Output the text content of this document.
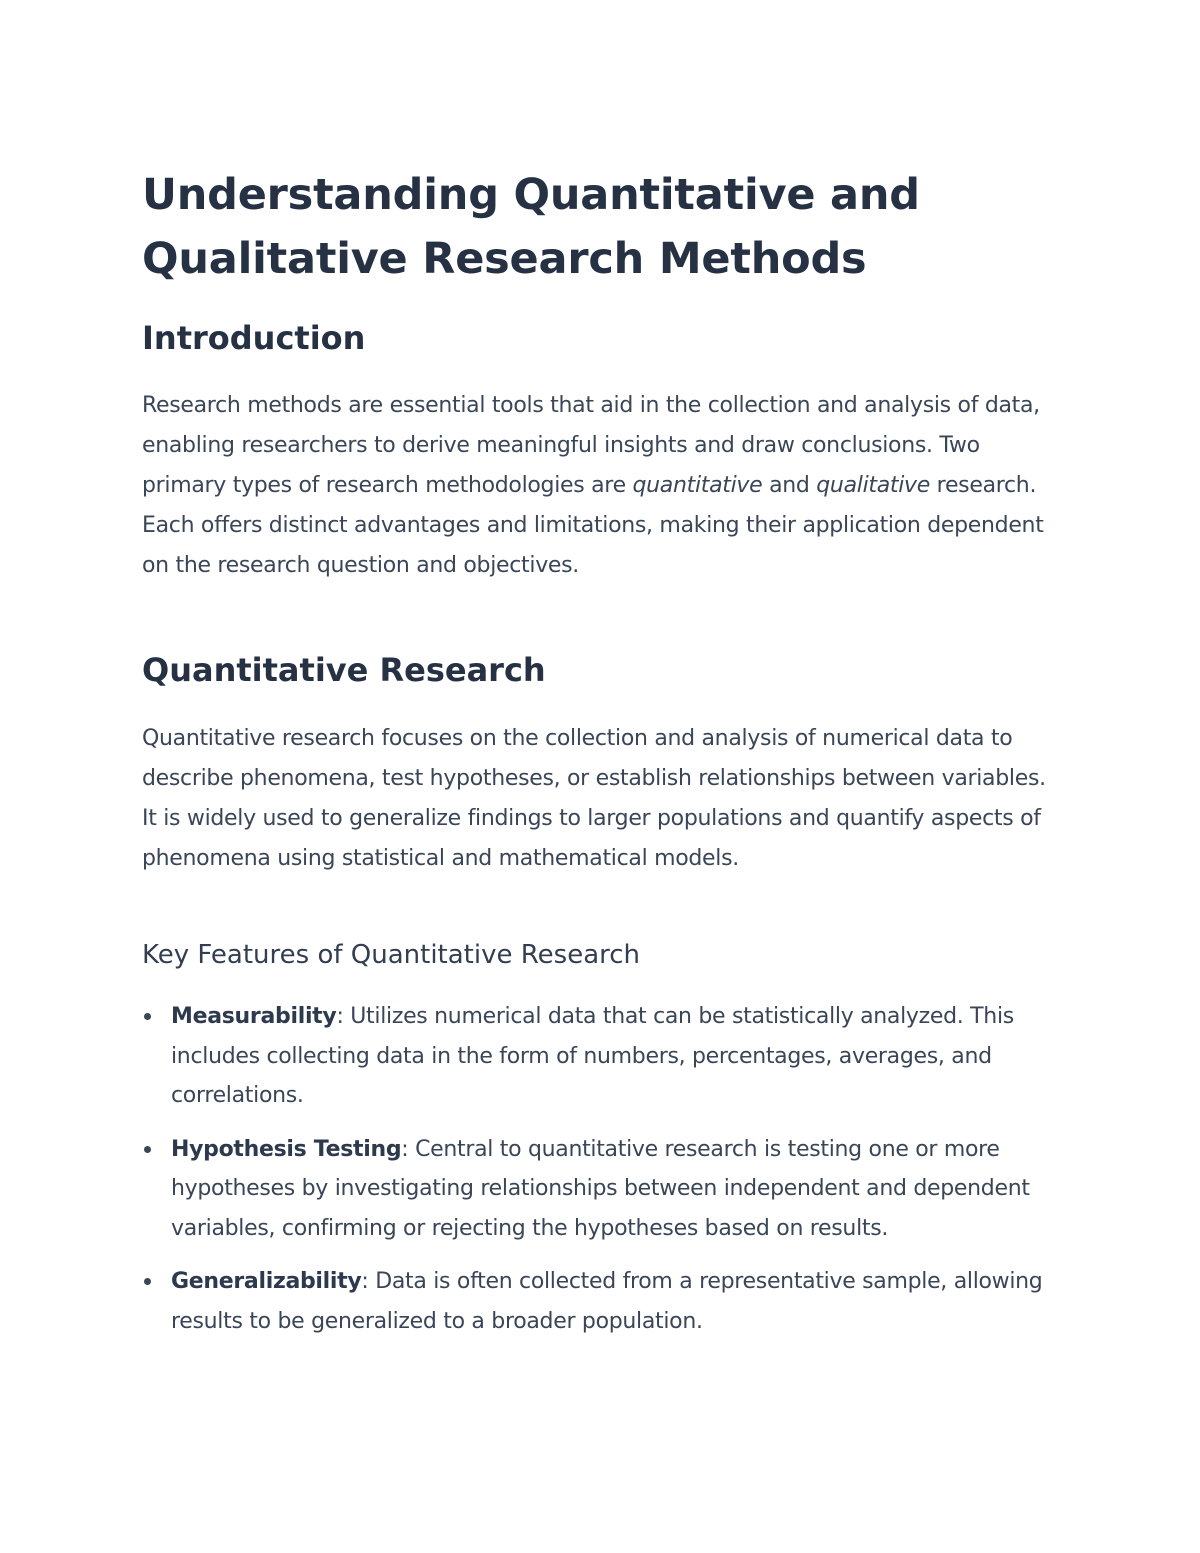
Understanding Quantitative and Qualitative Research Methods
Introduction

Research methods are essential tools that aid in the collection and analysis of data, enabling researchers to derive meaningful insights and draw conclusions. Two primary types of research methodologies are quantitative and qualitative research. Each offers distinct advantages and limitations, making their application dependent on the research question and objectives.

Quantitative Research

Quantitative research focuses on the collection and analysis of numerical data to describe phenomena, test hypotheses, or establish relationships between variables. It is widely used to generalize findings to larger populations and quantify aspects of phenomena using statistical and mathematical models.

Key Features of Quantitative Research
Measurability: Utilizes numerical data that can be statistically analyzed. This includes collecting data in the form of numbers, percentages, averages, and correlations.
Hypothesis Testing: Central to quantitative research is testing one or more hypotheses by investigating relationships between independent and dependent variables, confirming or rejecting the hypotheses based on results.
Generalizability: Data is often collected from a representative sample, allowing results to be generalized to a broader population.
